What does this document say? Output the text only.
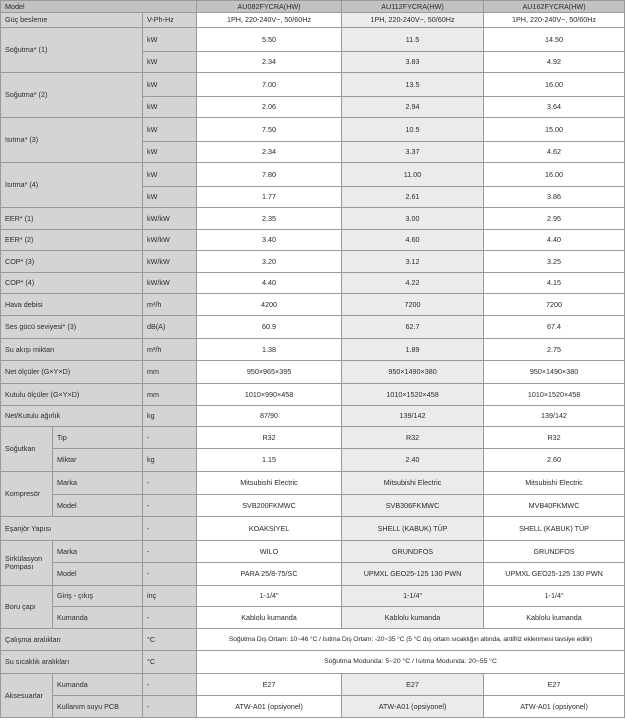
Model			AU082FYCRA(HW)	AU112FYCRA(HW)	AU162FYCRA(HW)
Güç besleme		V-Ph-Hz	1PH, 220-240V~, 50/60Hz	1PH, 220-240V~, 50/60Hz	1PH, 220-240V~, 50/60Hz
Soğutma* (1)		kW	5.50	11.5	14.50
		kW	2.34	3.83	4.92
Soğutma* (2)		kW	7.00	13.5	16.00
		kW	2.06	2.94	3.64
Isıtma* (3)		kW	7.50	10.5	15.00
		kW	2.34	3.37	4.62
Isıtma* (4)		kW	7.80	11.00	16.00
		kW	1.77	2.61	3.86
EER* (1)		kW/kW	2.35	3.00	2.95
EER* (2)		kW/kW	3.40	4.60	4.40
COP* (3)		kW/kW	3.20	3.12	3.25
COP* (4)		kW/kW	4.40	4.22	4.15
Hava debisi		m³/h	4200	7200	7200
Ses gücü seviyesi* (3)		dB(A)	60.9	62.7	67.4
Su akışı miktarı		m³/h	1.38	1.89	2.75
Net ölçüler (G×Y×D)		mm	950×965×395	950×1490×380	950×1490×380
Kutulu ölçüler (G×Y×D)		mm	1010×990×458	1010×1520×458	1010×1520×458
Net/Kutulu ağırlık		kg	87/90	139/142	139/142
Soğutkan	Tip	-	R32	R32	R32
	Miktar	kg	1.15	2.40	2.60
Kompresör	Marka	-	Mitsubishi Electric	Mitsubishi Electric	Mitsubishi Electric
	Model	-	SVB200FKMWC	SVB306FKMWC	MVB40FKMWC
Eşanjör Yapısı		-	KOAKSİYEL	SHELL (KABUK) TÜP	SHELL (KABUK) TÜP
Sirkülasyon Pompası	Marka	-	WILO	GRUNDFOS	GRUNDFOS
	Model	-	PARA 25/8-75/SC	UPMXL GEO25-125 130 PWN	UPMXL GEO25-125 130 PWN
Boru çapı	Giriş - çıkış	inç	1-1/4"	1-1/4"	1-1/4"
	Kumanda	-	Kablolu kumanda	Kablolu kumanda	Kablolu kumanda
Çalışma aralıkları		°C	Soğutma Dış Ortam: 10~46 °C / Isıtma Dış Ortam: -20~35 °C (5 °C dış ortam sıcaklığın altında, antifriz eklenmesi tavsiye edilir)		
Su sıcaklık aralıkları		°C	Soğutma Modunda: 5~20 °C / Isıtma Modunda: 20~55 °C		
Aksesuarlar	Kumanda	-	E27	E27	E27
	Kullanım suyu PCB	-	ATW-A01 (opsiyonel)	ATW-A01 (opsiyonel)	ATW-A01 (opsiyonel)
